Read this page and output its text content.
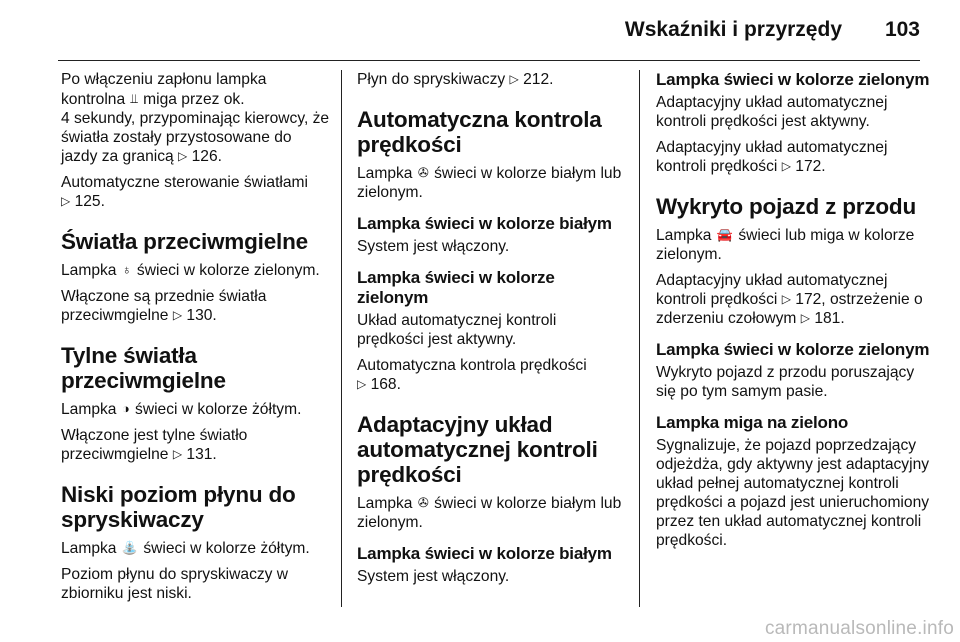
Wskaźniki i przyrzędy 103

Po włączeniu zapłonu lampka kontrolna ⫫ miga przez ok.
4 sekundy, przypominając kierowcy, że światła zostały przystosowane do jazdy za granicą ▷ 126.

Automatyczne sterowanie światłami
▷ 125.

Światła przeciwmgielne

Lampka ♁ świeci w kolorze zielonym.

Włączone są przednie światła przeciwmgielne ▷ 130.

Tylne światła przeciwmgielne

Lampka ◑ świeci w kolorze żółtym.

Włączone jest tylne światło przeciwmgielne ▷ 131.

Niski poziom płynu do spryskiwaczy

Lampka ⛲ świeci w kolorze żółtym.

Poziom płynu do spryskiwaczy w zbiorniku jest niski.

Płyn do spryskiwaczy ▷ 212.

Automatyczna kontrola prędkości

Lampka ✇ świeci w kolorze białym lub zielonym.

Lampka świeci w kolorze białym

System jest włączony.

Lampka świeci w kolorze zielonym

Układ automatycznej kontroli prędkości jest aktywny.

Automatyczna kontrola prędkości
▷ 168.

Adaptacyjny układ automatycznej kontroli prędkości

Lampka ✇ świeci w kolorze białym lub zielonym.

Lampka świeci w kolorze białym

System jest włączony.

Lampka świeci w kolorze zielonym

Adaptacyjny układ automatycznej kontroli prędkości jest aktywny.

Adaptacyjny układ automatycznej kontroli prędkości ▷ 172.

Wykryto pojazd z przodu

Lampka 🚘 świeci lub miga w kolorze zielonym.

Adaptacyjny układ automatycznej kontroli prędkości ▷ 172, ostrzeżenie o zderzeniu czołowym ▷ 181.

Lampka świeci w kolorze zielonym

Wykryto pojazd z przodu poruszający się po tym samym pasie.

Lampka miga na zielono

Sygnalizuje, że pojazd poprzedzający odjeżdża, gdy aktywny jest adaptacyjny układ pełnej automatycznej kontroli prędkości a pojazd jest unieruchomiony przez ten układ automatycznej kontroli prędkości.

carmanualsonline.info
